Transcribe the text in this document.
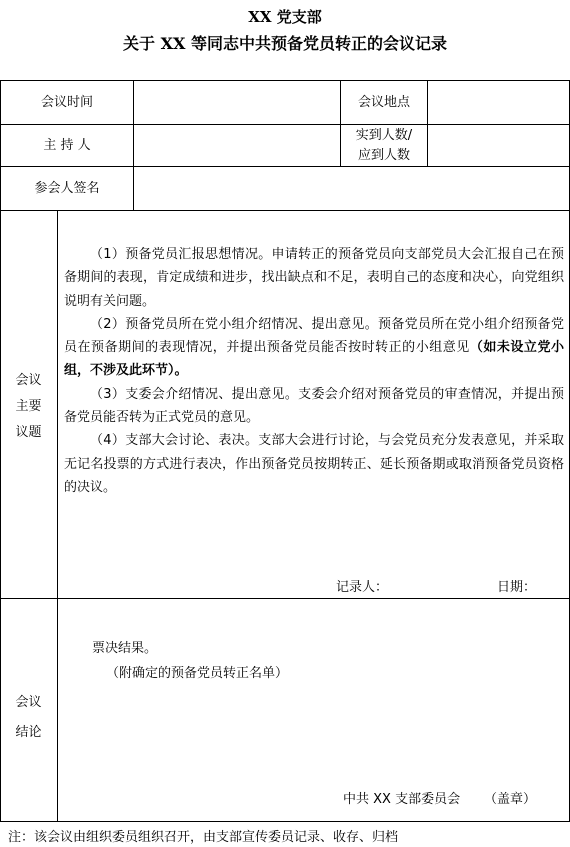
XX 党支部
关于 XX 等同志中共预备党员转正的会议记录
会议时间	会议地点
主 持 人
实到人数/
应到人数
参会人签名
会议
主要
议题

（1）预备党员汇报思想情况。申请转正的预备党员向支部党员大会汇报自己在预备期间的表现，肯定成绩和进步，找出缺点和不足，表明自己的态度和决心，向党组织说明有关问题。

（2）预备党员所在党小组介绍情况、提出意见。预备党员所在党小组介绍预备党员在预备期间的表现情况，并提出预备党员能否按时转正的小组意见（如未设立党小组，不涉及此环节）。

（3）支委会介绍情况、提出意见。支委会介绍对预备党员的审查情况，并提出预备党员能否转为正式党员的意见。

（4）支部大会讨论、表决。支部大会进行讨论，与会党员充分发表意见，并采取无记名投票的方式进行表决，作出预备党员按期转正、延长预备期或取消预备党员资格的决议。

记录人：	日期：
会议
结论
票决结果。
（附确定的预备党员转正名单）
中共 XX 支部委员会 （盖章）
注：该会议由组织委员组织召开，由支部宣传委员记录、收存、归档
